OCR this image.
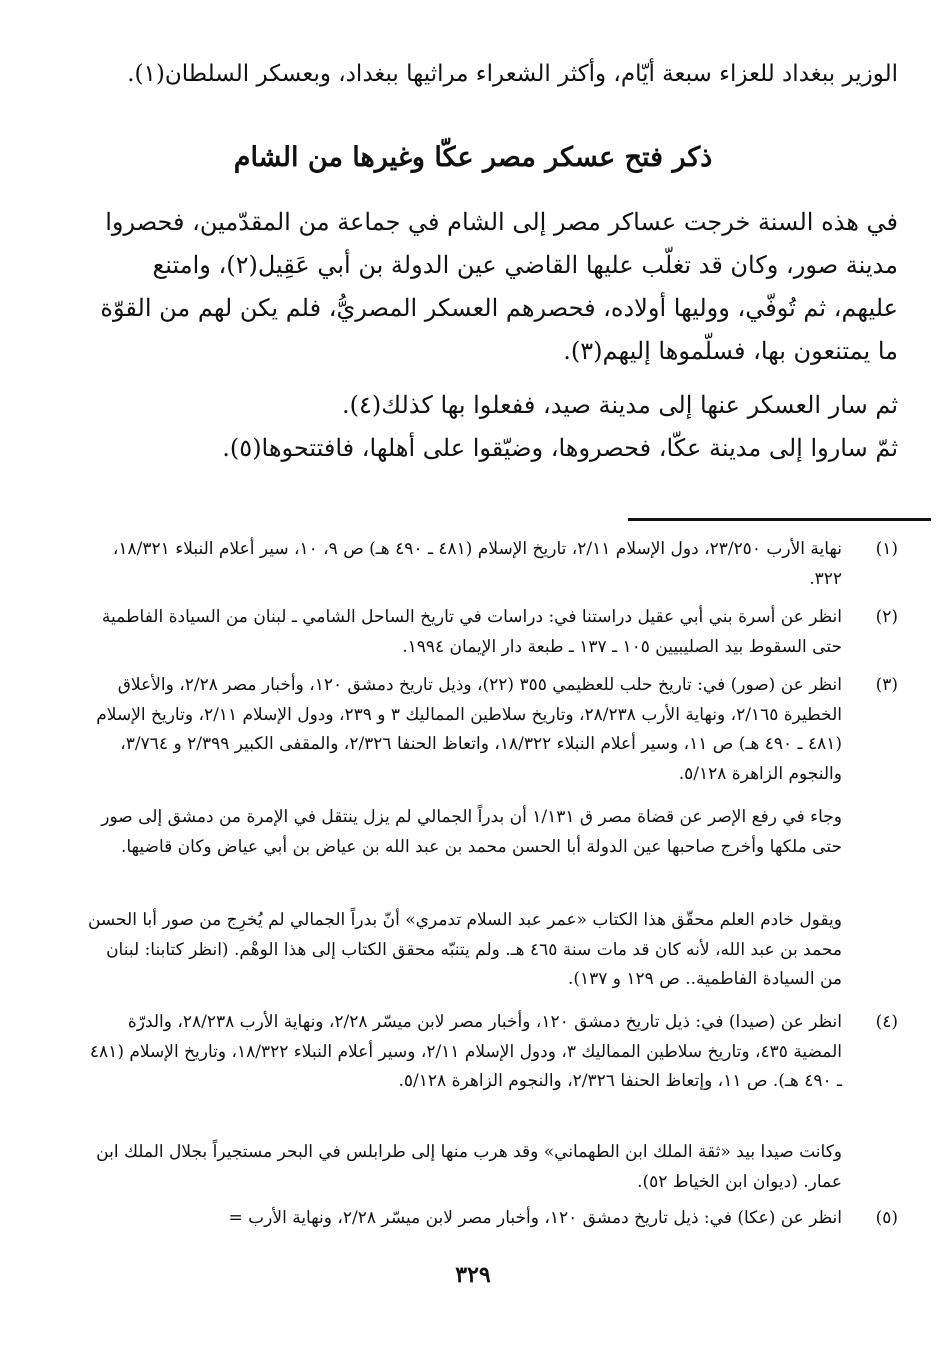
الوزير ببغداد للعزاء سبعة أيّام، وأكثر الشعراء مراثيها ببغداد، وبعسكر السلطان(١).
ذكر فتح عسكر مصر عكّا وغيرها من الشام
في هذه السنة خرجت عساكر مصر إلى الشام في جماعة من المقدّمين، فحصروا
مدينة صور، وكان قد تغلّب عليها القاضي عين الدولة بن أبي عَقِيل(٢)، وامتنع
عليهم، ثم تُوفّي، ووليها أولاده، فحصرهم العسكر المصريُّ، فلم يكن لهم من القوّة
ما يمتنعون بها، فسلّموها إليهم(٣).
ثم سار العسكر عنها إلى مدينة صيد، ففعلوا بها كذلك(٤).
ثمّ ساروا إلى مدينة عكّا، فحصروها، وضيّقوا على أهلها، فافتتحوها(٥).
(١)
نهاية الأرب ٢٣/٢٥٠، دول الإسلام ٢/١١، تاريخ الإسلام (٤٨١ ـ ٤٩٠ هـ) ص ٩، ١٠، سير أعلام النبلاء ١٨/٣٢١، ٣٢٢.
(٢)
انظر عن أسرة بني أبي عقيل دراستنا في: دراسات في تاريخ الساحل الشامي ـ لبنان من السيادة الفاطمية حتى السقوط بيد الصليبيين ١٠٥ ـ ١٣٧ ـ طبعة دار الإيمان ١٩٩٤.
(٣)
انظر عن (صور) في: تاريخ حلب للعظيمي ٣٥٥ (٢٢)، وذيل تاريخ دمشق ١٢٠، وأخبار مصر ٢/٢٨، والأعلاق الخطيرة ٢/١٦٥، ونهاية الأرب ٢٨/٢٣٨، وتاريخ سلاطين المماليك ٣ و ٢٣٩، ودول الإسلام ٢/١١، وتاريخ الإسلام (٤٨١ ـ ٤٩٠ هـ) ص ١١، وسير أعلام النبلاء ١٨/٣٢٢، واتعاظ الحنفا ٢/٣٢٦، والمقفى الكبير ٢/٣٩٩ و ٣/٧٦٤، والنجوم الزاهرة ٥/١٢٨.
وجاء في رفع الإصر عن قضاة مصر ق ١/١٣١ أن بدراً الجمالي لم يزل ينتقل في الإمرة من دمشق إلى صور حتى ملكها وأخرج صاحبها عين الدولة أبا الحسن محمد بن عبد الله بن عياض بن أبي عياض وكان قاضيها.
ويقول خادم العلم محقّق هذا الكتاب «عمر عبد السلام تدمري» أنّ بدراً الجمالي لم يُخرِج من صور أبا الحسن محمد بن عبد الله، لأنه كان قد مات سنة ٤٦٥ هـ. ولم يتنبّه محقق الكتاب إلى هذا الوهْم. (انظر كتابنا: لبنان من السيادة الفاطمية.. ص ١٢٩ و ١٣٧).
(٤)
انظر عن (صيدا) في: ذيل تاريخ دمشق ١٢٠، وأخبار مصر لابن ميسّر ٢/٢٨، ونهاية الأرب ٢٨/٢٣٨، والدرّة المضية ٤٣٥، وتاريخ سلاطين المماليك ٣، ودول الإسلام ٢/١١، وسير أعلام النبلاء ١٨/٣٢٢، وتاريخ الإسلام (٤٨١ ـ ٤٩٠ هـ). ص ١١، وإتعاظ الحنفا ٢/٣٢٦، والنجوم الزاهرة ٥/١٢٨.
وكانت صيدا بيد «ثقة الملك ابن الطهماني» وقد هرب منها إلى طرابلس في البحر مستجيراً بجلال الملك ابن عمار. (ديوان ابن الخياط ٥٢).
(٥)
انظر عن (عكا) في: ذيل تاريخ دمشق ١٢٠، وأخبار مصر لابن ميسّر ٢/٢٨، ونهاية الأرب =
٣٢٩
